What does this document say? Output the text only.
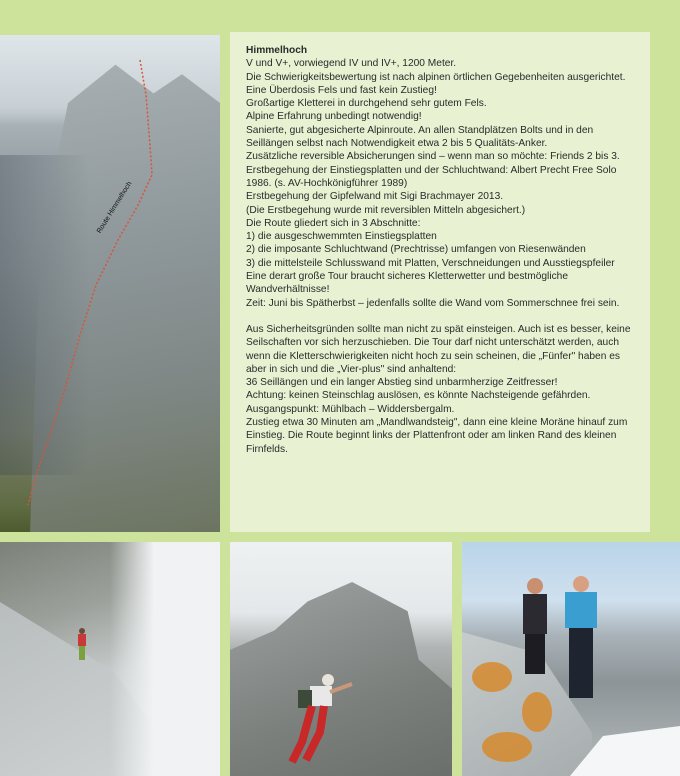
Route Himmelhoch

Himmelhoch

V und V+, vorwiegend IV und IV+, 1200 Meter.

Die Schwierigkeitsbewertung ist nach alpinen örtlichen Gegebenheiten ausgerichtet.

Eine Überdosis Fels und fast kein Zustieg!

Großartige Kletterei in durchgehend sehr gutem Fels.

Alpine Erfahrung unbedingt notwendig!

Sanierte, gut abgesicherte Alpinroute. An allen Standplätzen Bolts und in den Seillängen selbst nach Notwendigkeit etwa 2 bis 5 Qualitäts-Anker.

Zusätzliche reversible Absicherungen sind – wenn man so möchte: Friends 2 bis 3.

Erstbegehung der Einstiegsplatten und der Schluchtwand: Albert Precht Free Solo 1986. (s. AV-Hochkönigführer 1989)

Erstbegehung der Gipfelwand mit Sigi Brachmayer 2013.

(Die Erstbegehung wurde mit reversiblen Mitteln abgesichert.)

Die Route gliedert sich in 3 Abschnitte:

1) die ausgeschwemmten Einstiegsplatten

2) die imposante Schluchtwand (Prechtrisse) umfangen von Riesenwänden

3) die mittelsteile Schlusswand mit Platten, Verschneidungen und Ausstiegspfeiler

Eine derart große Tour braucht sicheres Kletterwetter und bestmögliche Wandverhältnisse!

Zeit: Juni bis Spätherbst – jedenfalls sollte die Wand vom Sommerschnee frei sein.

Aus Sicherheitsgründen sollte man nicht zu spät einsteigen. Auch ist es besser, keine Seilschaften vor sich herzuschieben. Die Tour darf nicht unterschätzt werden, auch wenn die Kletterschwierigkeiten nicht hoch zu sein scheinen, die „Fünfer" haben es aber in sich und die „Vier-plus" sind anhaltend:

36 Seillängen und ein langer Abstieg sind unbarmherzige Zeitfresser!

Achtung: keinen Steinschlag auslösen, es könnte Nachsteigende gefährden.

Ausgangspunkt: Mühlbach – Widdersbergalm.

Zustieg etwa 30 Minuten am „Mandlwandsteig", dann eine kleine Moräne hinauf zum Einstieg. Die Route beginnt links der Plattenfront oder am linken Rand des kleinen Firnfelds.
